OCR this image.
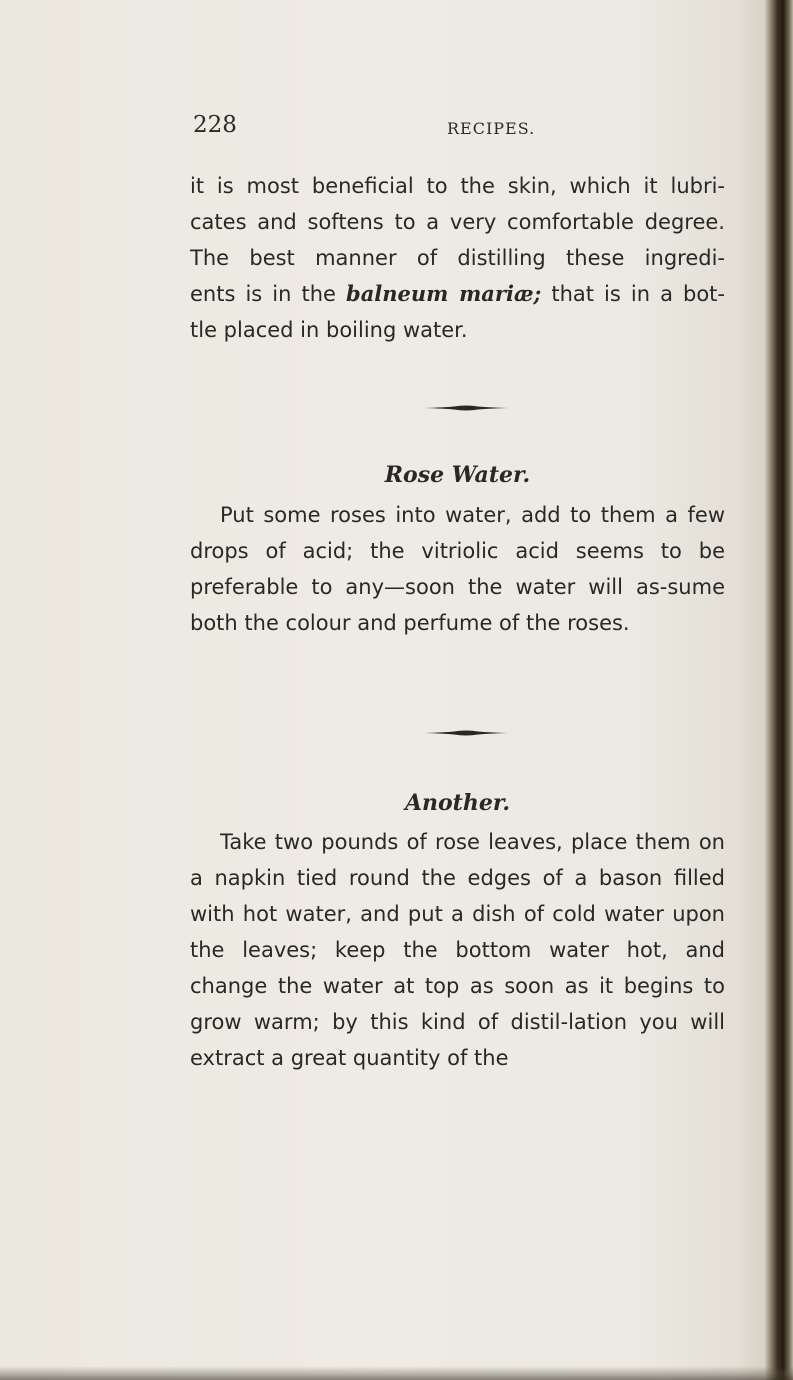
228	RECIPES.

it is most beneficial to the skin, which it lubri-

cates and softens to a very comfortable degree.

The best manner of distilling these ingredi-

ents is in the balneum mariæ; that is in a bot-

tle placed in boiling water.

Rose Water.

Put some roses into water, add to them a few drops of acid; the vitriolic acid seems to be preferable to any—soon the water will as-sume both the colour and perfume of the roses.

Another.

Take two pounds of rose leaves, place them on a napkin tied round the edges of a bason filled with hot water, and put a dish of cold water upon the leaves; keep the bottom water hot, and change the water at top as soon as it begins to grow warm; by this kind of distil-lation you will extract a great quantity of the
